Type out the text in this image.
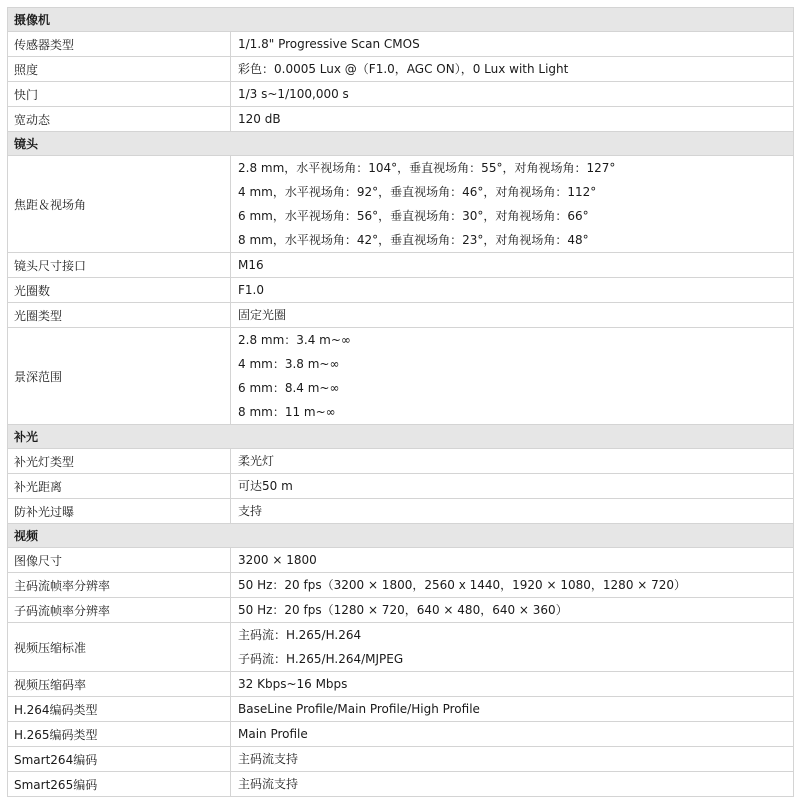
摄像机	
传感器类型	1/1.8" Progressive Scan CMOS

照度	彩色：0.0005 Lux @（F1.0，AGC ON），0 Lux with Light

快门	1/3 s~1/100,000 s

宽动态	120 dB

镜头	
焦距＆视场角	2.8 mm，水平视场角：104°，垂直视场角：55°，对角视场角：127°
4 mm，水平视场角：92°，垂直视场角：46°，对角视场角：112°
6 mm，水平视场角：56°，垂直视场角：30°，对角视场角：66°
8 mm，水平视场角：42°，垂直视场角：23°，对角视场角：48°

镜头尺寸接口	M16

光圈数	F1.0

光圈类型	固定光圈

景深范围	2.8 mm：3.4 m~∞
4 mm：3.8 m~∞
6 mm：8.4 m~∞
8 mm：11 m~∞

补光	
补光灯类型	柔光灯

补光距离	可达50 m

防补光过曝	支持

视频	
图像尺寸	3200 × 1800

主码流帧率分辨率	50 Hz：20 fps（3200 × 1800，2560 x 1440，1920 × 1080，1280 × 720）

子码流帧率分辨率	50 Hz：20 fps（1280 × 720，640 × 480，640 × 360）

视频压缩标准	主码流：H.265/H.264
子码流：H.265/H.264/MJPEG

视频压缩码率	32 Kbps~16 Mbps

H.264编码类型	BaseLine Profile/Main Profile/High Profile

H.265编码类型	Main Profile

Smart264编码	主码流支持

Smart265编码	主码流支持
